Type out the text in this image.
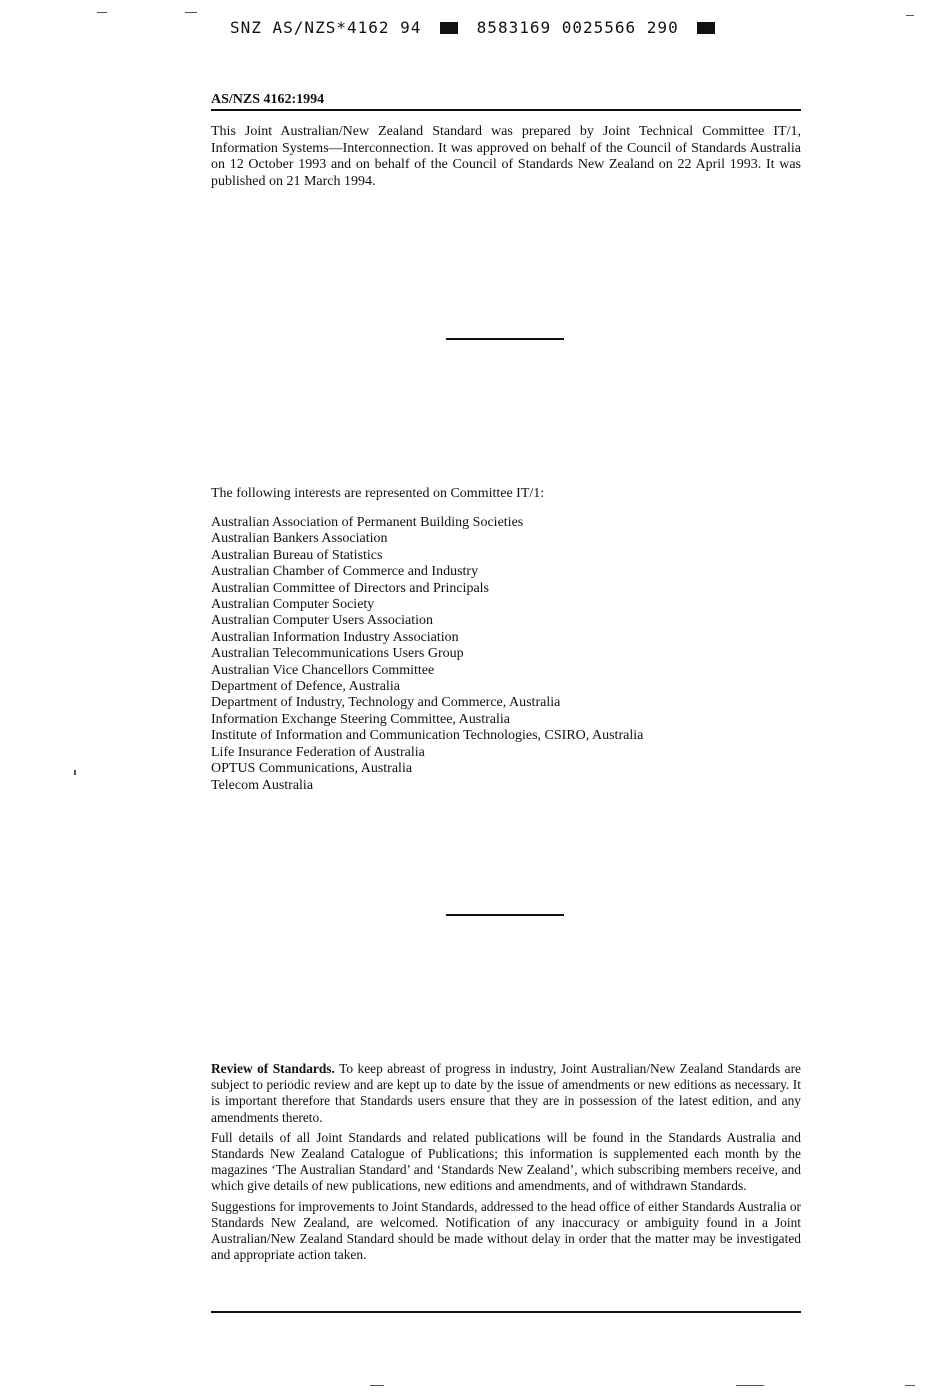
SNZ AS/NZS*4162 94	8583169 0025566 290
AS/NZS 4162:1994
This Joint Australian/New Zealand Standard was prepared by Joint Technical Committee IT/1, Information Systems—Interconnection. It was approved on behalf of the Council of Standards Australia on 12 October 1993 and on behalf of the Council of Standards New Zealand on 22 April 1993. It was published on 21 March 1994.
The following interests are represented on Committee IT/1:
Australian Association of Permanent Building Societies
Australian Bankers Association
Australian Bureau of Statistics
Australian Chamber of Commerce and Industry
Australian Committee of Directors and Principals
Australian Computer Society
Australian Computer Users Association
Australian Information Industry Association
Australian Telecommunications Users Group
Australian Vice Chancellors Committee
Department of Defence, Australia
Department of Industry, Technology and Commerce, Australia
Information Exchange Steering Committee, Australia
Institute of Information and Communication Technologies, CSIRO, Australia
Life Insurance Federation of Australia
OPTUS Communications, Australia
Telecom Australia

Review of Standards. To keep abreast of progress in industry, Joint Australian/New Zealand Standards are subject to periodic review and are kept up to date by the issue of amendments or new editions as necessary. It is important therefore that Standards users ensure that they are in possession of the latest edition, and any amendments thereto.

Full details of all Joint Standards and related publications will be found in the Standards Australia and Standards New Zealand Catalogue of Publications; this information is supplemented each month by the magazines ‘The Australian Standard’ and ‘Standards New Zealand’, which subscribing members receive, and which give details of new publications, new editions and amendments, and of withdrawn Standards.

Suggestions for improvements to Joint Standards, addressed to the head office of either Standards Australia or Standards New Zealand, are welcomed. Notification of any inaccuracy or ambiguity found in a Joint Australian/New Zealand Standard should be made without delay in order that the matter may be investigated and appropriate action taken.
